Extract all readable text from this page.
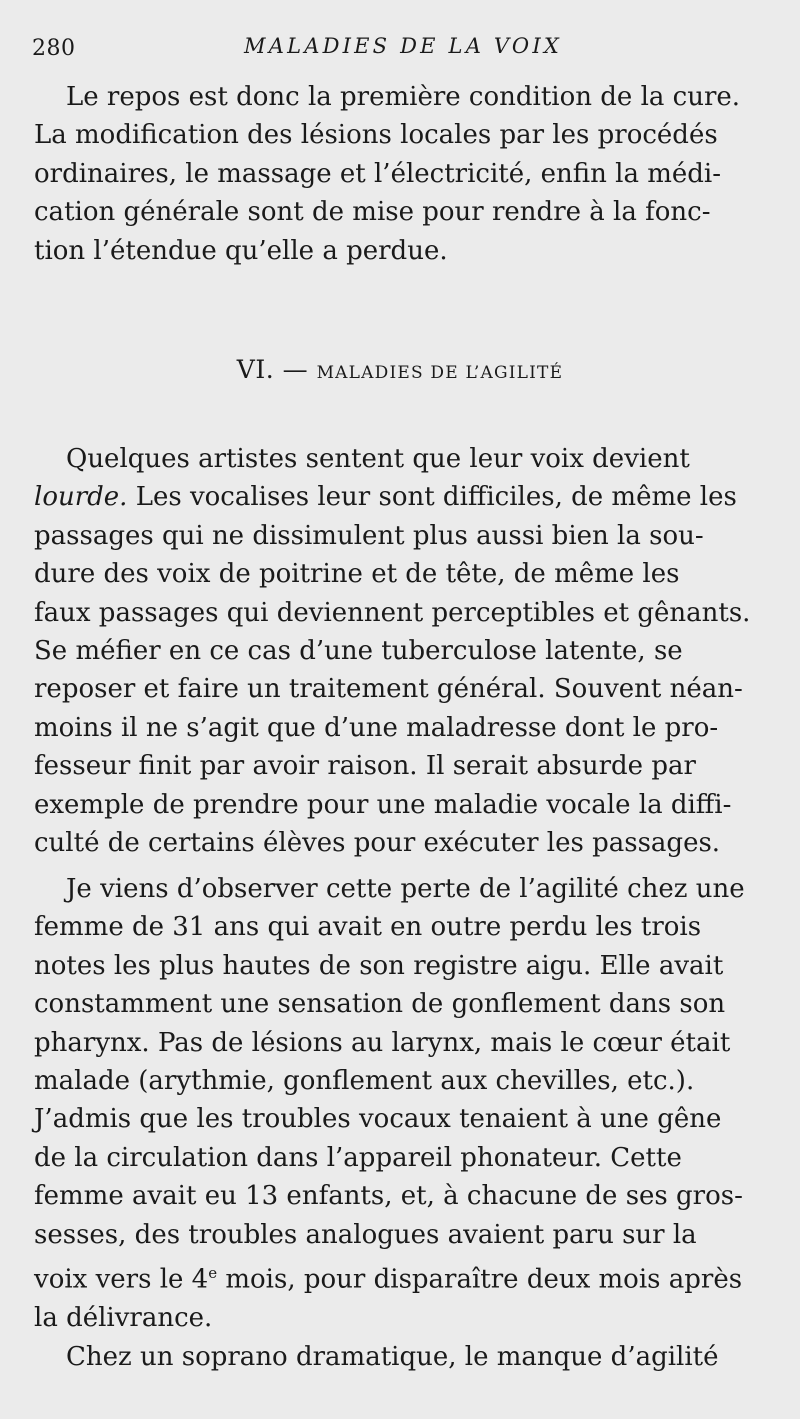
280	MALADIES DE LA VOIX
Le repos est donc la première condition de la cure.
La modification des lésions locales par les procédés
ordinaires, le massage et l’électricité, enfin la médi-
cation générale sont de mise pour rendre à la fonc-
tion l’étendue qu’elle a perdue.
VI. — MALADIES DE L’AGILITÉ
Quelques artistes sentent que leur voix devient
lourde. Les vocalises leur sont difficiles, de même les
passages qui ne dissimulent plus aussi bien la sou-
dure des voix de poitrine et de tête, de même les
faux passages qui deviennent perceptibles et gênants.
Se méfier en ce cas d’une tuberculose latente, se
reposer et faire un traitement général. Souvent néan-
moins il ne s’agit que d’une maladresse dont le pro-
fesseur finit par avoir raison. Il serait absurde par
exemple de prendre pour une maladie vocale la diffi-
culté de certains élèves pour exécuter les passages.
Je viens d’observer cette perte de l’agilité chez une
femme de 31 ans qui avait en outre perdu les trois
notes les plus hautes de son registre aigu. Elle avait
constamment une sensation de gonflement dans son
pharynx. Pas de lésions au larynx, mais le cœur était
malade (arythmie, gonflement aux chevilles, etc.).
J’admis que les troubles vocaux tenaient à une gêne
de la circulation dans l’appareil phonateur. Cette
femme avait eu 13 enfants, et, à chacune de ses gros-
sesses, des troubles analogues avaient paru sur la
voix vers le 4e mois, pour disparaître deux mois après
la délivrance.
Chez un soprano dramatique, le manque d’agilité
